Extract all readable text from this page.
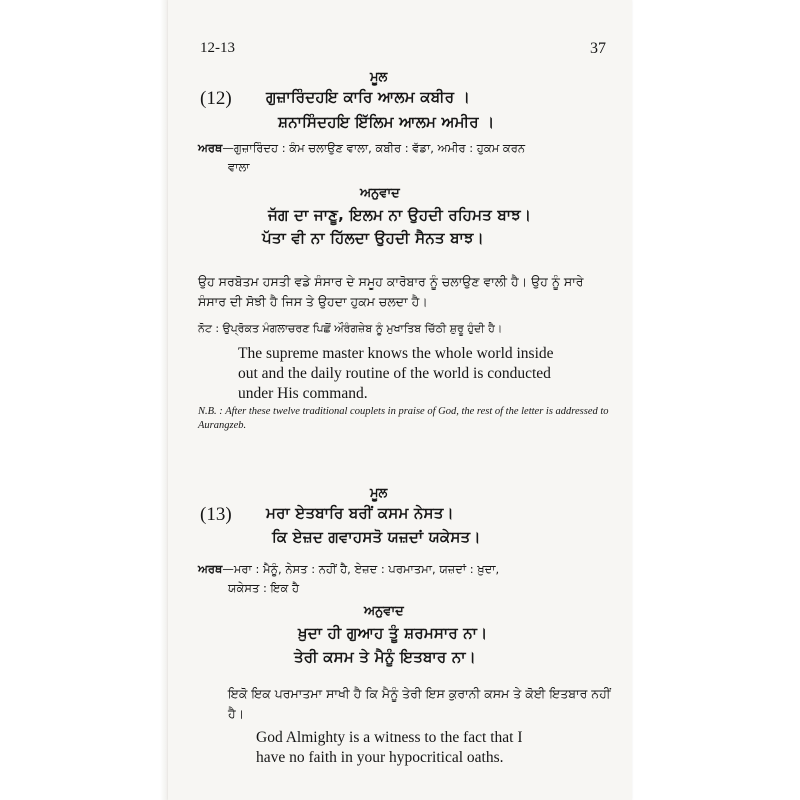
12-13	37
ਮੂਲ
(12) ਗੁਜ਼ਾਰਿੰਦਹਇ ਕਾਰਿ ਆਲਮ ਕਬੀਰ ।
ਸ਼ਨਾਸਿੰਦਹਇ ਇੱਲਿਮ ਆਲਮ ਅਮੀਰ ।
ਅਰਥ—ਗੁਜ਼ਾਰਿੰਦਹ : ਕੰਮ ਚਲਾਉਣ ਵਾਲਾ, ਕਬੀਰ : ਵੱਡਾ, ਅਮੀਰ : ਹੁਕਮ ਕਰਨ
ਵਾਲਾ
ਅਨੁਵਾਦ
ਜੱਗ ਦਾ ਜਾਣੂ, ਇਲਮ ਨਾ ਉਹਦੀ ਰਹਿਮਤ ਬਾਝ।
ਪੱਤਾ ਵੀ ਨਾ ਹਿੱਲਦਾ ਉਹਦੀ ਸੈਨਤ ਬਾਝ।
ਉਹ ਸਰਬੋਤਮ ਹਸਤੀ ਵਡੇ ਸੰਸਾਰ ਦੇ ਸਮੂਹ ਕਾਰੋਬਾਰ ਨੂੰ ਚਲਾਉਣ ਵਾਲੀ ਹੈ। ਉਹ ਨੂੰ ਸਾਰੇ ਸੰਸਾਰ ਦੀ ਸੋਝੀ ਹੈ ਜਿਸ ਤੇ ਉਹਦਾ ਹੁਕਮ ਚਲਦਾ ਹੈ।
ਨੋਟ : ਉਪ੍ਰੋਕਤ ਮੰਗਲਾਚਰਣ ਪਿਛੋਂ ਔਰੰਗਜ਼ੇਬ ਨੂੰ ਮੁਖਾਤਿਬ ਚਿੱਠੀ ਸ਼ੁਰੂ ਹੁੰਦੀ ਹੈ।
The supreme master knows the whole world inside out and the daily routine of the world is conducted under His command.
N.B. : After these twelve traditional couplets in praise of God, the rest of the letter is addressed to Aurangzeb.
ਮੂਲ
(13) ਮਰਾ ਏਤਬਾਰਿ ਬਰੀਂ ਕਸਮ ਨੇਸਤ।
ਕਿ ਏਜ਼ਦ ਗਵਾਹਸਤੋ ਯਜ਼ਦਾਂ ਯਕੇਸਤ।
ਅਰਥ—ਮਰਾ : ਮੈਨੂੰ, ਨੇਸਤ : ਨਹੀਂ ਹੈ, ਏਜ਼ਦ : ਪਰਮਾਤਮਾ, ਯਜ਼ਦਾਂ : ਖ਼ੁਦਾ,
ਯਕੇਸਤ : ਇਕ ਹੈ
ਅਨੁਵਾਦ
ਖ਼ੁਦਾ ਹੀ ਗੁਆਹ ਤੂੰ ਸ਼ਰਮਸਾਰ ਨਾ।
ਤੇਰੀ ਕਸਮ ਤੇ ਮੈਨੂੰ ਇਤਬਾਰ ਨਾ।
ਇਕੋ ਇਕ ਪਰਮਾਤਮਾ ਸਾਖੀ ਹੈ ਕਿ ਮੈਨੂੰ ਤੇਰੀ ਇਸ ਕੁਰਾਨੀ ਕਸਮ ਤੇ ਕੋਈ ਇਤਬਾਰ ਨਹੀਂ ਹੈ।
God Almighty is a witness to the fact that I have no faith in your hypocritical oaths.
